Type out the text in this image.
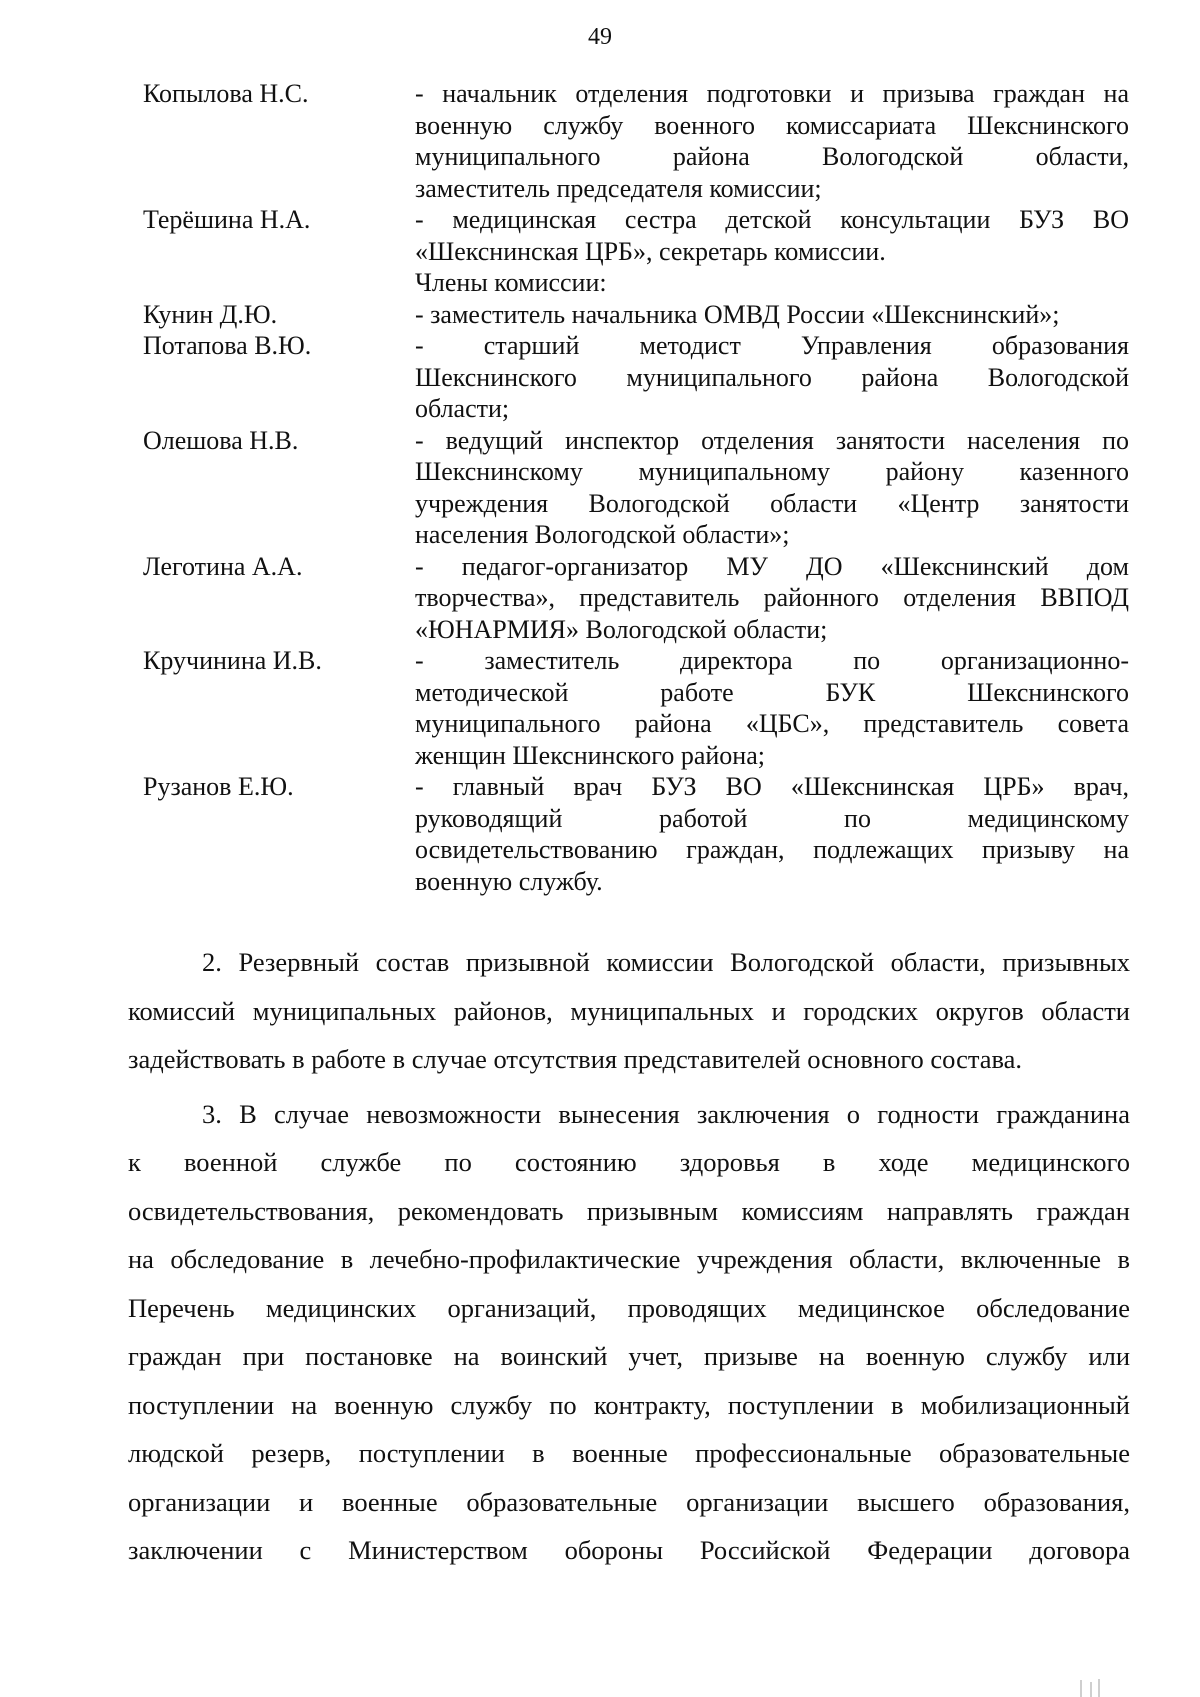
49
Копылова Н.С.	- начальник отделения подготовки и призыва граждан на
военную службу военного комиссариата Шекснинского
муниципального района Вологодской области,
заместитель председателя комиссии;
Терёшина Н.А.	- медицинская сестра детской консультации БУЗ ВО
«Шекснинская ЦРБ», секретарь комиссии.
Члены комиссии:
Кунин Д.Ю.	- заместитель начальника ОМВД России «Шекснинский»;
Потапова В.Ю.	- старший методист Управления образования
Шекснинского муниципального района Вологодской
области;
Олешова Н.В.	- ведущий инспектор отделения занятости населения по
Шекснинскому муниципальному району казенного
учреждения Вологодской области «Центр занятости
населения Вологодской области»;
Леготина А.А.	- педагог-организатор МУ ДО «Шекснинский дом
творчества», представитель районного отделения ВВПОД
«ЮНАРМИЯ» Вологодской области;
Кручинина И.В.	- заместитель директора по организационно-
методической работе БУК Шекснинского
муниципального района «ЦБС», представитель совета
женщин Шекснинского района;
Рузанов Е.Ю.	- главный врач БУЗ ВО «Шекснинская ЦРБ» врач,
руководящий работой по медицинскому
освидетельствованию граждан, подлежащих призыву на
военную службу.
2. Резервный состав призывной комиссии Вологодской области, призывных
комиссий муниципальных районов, муниципальных и городских округов области
задействовать в работе в случае отсутствия представителей основного состава.
3. В случае невозможности вынесения заключения о годности гражданина
к военной службе по состоянию здоровья в ходе медицинского
освидетельствования, рекомендовать призывным комиссиям направлять граждан
на обследование в лечебно-профилактические учреждения области, включенные в
Перечень медицинских организаций, проводящих медицинское обследование
граждан при постановке на воинский учет, призыве на военную службу или
поступлении на военную службу по контракту, поступлении в мобилизационный
людской резерв, поступлении в военные профессиональные образовательные
организации и военные образовательные организации высшего образования,
заключении с Министерством обороны Российской Федерации договора
